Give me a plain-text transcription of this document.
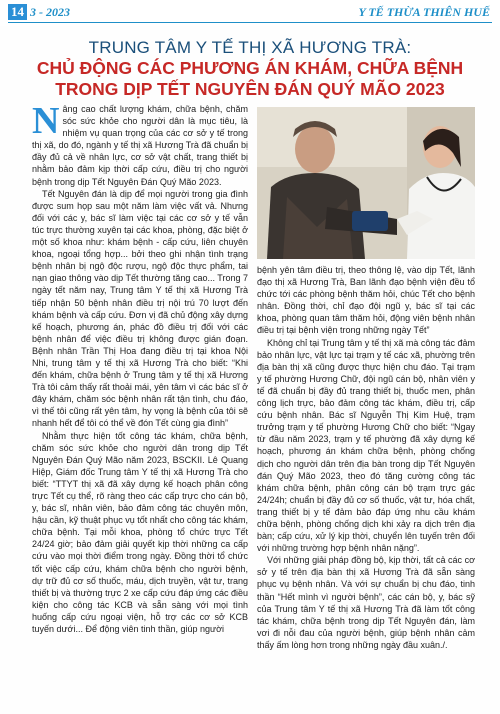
14 3 - 2023	Y TẾ THỪA THIÊN HUẾ
TRUNG TÂM Y TẾ THỊ XÃ HƯƠNG TRÀ:
CHỦ ĐỘNG CÁC PHƯƠNG ÁN KHÁM, CHỮA BỆNH TRONG DỊP TẾT NGUYÊN ĐÁN QUÝ MÃO 2023

Nâng cao chất lượng khám, chữa bệnh, chăm sóc sức khỏe cho người dân là mục tiêu, là nhiệm vụ quan trọng của các cơ sở y tế trong thị xã, do đó, ngành y tế thị xã Hương Trà đã chuẩn bị đầy đủ cả về nhân lực, cơ sở vật chất, trang thiết bị nhằm bảo đảm kịp thời cấp cứu, điều trị cho người bệnh trong dịp Tết Nguyên Đán Quý Mão 2023.

Tết Nguyên đán là dịp để mọi người trong gia đình được sum họp sau một năm làm việc vất vả. Nhưng đối với các y, bác sĩ làm việc tại các cơ sở y tế vẫn túc trực thường xuyên tại các khoa, phòng, đặc biệt ở một số khoa như: khám bệnh - cấp cứu, liên chuyên khoa, ngoại tổng hợp... bởi theo ghi nhận tình trạng bệnh nhân bị ngộ độc rượu, ngộ độc thực phẩm, tai nạn giao thông vào dịp Tết thường tăng cao... Trong 7 ngày tết năm nay, Trung tâm Y tế thị xã Hương Trà tiếp nhận 50 bệnh nhân điều trị nội trú 70 lượt đến khám bệnh và cấp cứu. Đơn vị đã chủ động xây dựng kế hoạch, phương án, phác đồ điều trị đối với các bệnh nhân để việc điều trị không được gián đoạn. Bệnh nhân Trần Thị Hoa đang điều trị tại khoa Nội Nhi, trung tâm y tế thị xã Hương Trà cho biết: “Khi đến khám, chữa bệnh ở Trung tâm y tế thị xã Hương Trà tôi cảm thấy rất thoải mái, yên tâm vì các bác sĩ ở đây khám, chăm sóc bệnh nhân rất tận tình, chu đáo, vì thế tôi cũng rất yên tâm, hy vọng là bệnh của tôi sẽ nhanh hết để tôi có thể về đón Tết cùng gia đình”

Nhằm thực hiện tốt công tác khám, chữa bệnh, chăm sóc sức khỏe cho người dân trong dịp Tết Nguyên Đán Quý Mão năm 2023, BSCKII. Lê Quang Hiệp, Giám đốc Trung tâm Y tế thị xã Hương Trà cho biết: “TTYT thị xã đã xây dựng kế hoạch phân công trực Tết cụ thể, rõ ràng theo các cấp trực cho cán bộ, y, bác sĩ, nhân viên, bảo đảm công tác chuyên môn, hậu cần, kỹ thuật phục vụ tốt nhất cho công tác khám, chữa bệnh. Tại mỗi khoa, phòng tổ chức trực Tết 24/24 giờ; bảo đảm giải quyết kịp thời những ca cấp cứu vào mọi thời điểm trong ngày. Đồng thời tổ chức tốt việc cấp cứu, khám chữa bệnh cho người bệnh, dự trữ đủ cơ số thuốc, máu, dịch truyền, vật tư, trang thiết bị và thường trực 2 xe cấp cứu đáp ứng các điều kiện cho công tác KCB và sẵn sàng với mọi tình huống cấp cứu ngoại viện, hỗ trợ các cơ sở KCB tuyến dưới... Để động viên tinh thần, giúp người

bệnh yên tâm điều trị, theo thông lệ, vào dịp Tết, lãnh đạo thị xã Hương Trà, Ban lãnh đạo bệnh viện đều tổ chức tới các phòng bệnh thăm hỏi, chúc Tết cho bệnh nhân. Đồng thời, chỉ đạo đội ngũ y, bác sĩ tại các khoa, phòng quan tâm thăm hỏi, động viên bệnh nhân điều trị tại bệnh viện trong những ngày Tết”

Không chỉ tại Trung tâm y tế thị xã mà công tác đảm bảo nhân lực, vật lực tại trạm y tế các xã, phường trên địa bàn thị xã cũng được thực hiện chu đáo. Tại trạm y tế phường Hương Chữ, đội ngũ cán bộ, nhân viên y tế đã chuẩn bị đầy đủ trang thiết bị, thuốc men, phân công lịch trực, bảo đảm công tác khám, điều trị, cấp cứu bệnh nhân. Bác sĩ Nguyễn Thị Kim Huệ, trạm trưởng trạm y tế phường Hương Chữ cho biết: “Ngay từ đầu năm 2023, trạm y tế phường đã xây dựng kế hoạch, phương án khám chữa bệnh, phòng chống dịch cho người dân trên địa bàn trong dịp Tết Nguyên đán Quý Mão 2023, theo đó tăng cường công tác khám chữa bệnh, phân công cán bộ trạm trực gác 24/24h; chuẩn bị đầy đủ cơ số thuốc, vật tư, hóa chất, trang thiết bị y tế đảm bảo đáp ứng nhu cầu khám chữa bệnh, phòng chống dịch khi xảy ra dịch trên địa bàn; cấp cứu, xử lý kịp thời, chuyển lên tuyến trên đối với những trường hợp bệnh nhân nặng”.

Với những giải pháp đồng bộ, kịp thời, tất cả các cơ sở y tế trên địa bàn thị xã Hương Trà đã sẵn sàng phục vụ bệnh nhân. Và với sự chuẩn bị chu đáo, tinh thần “Hết mình vì người bệnh”, các cán bộ, y, bác sỹ của Trung tâm Y tế thị xã Hương Trà đã làm tốt công tác khám, chữa bệnh trong dịp Tết Nguyên đán, làm vơi đi nỗi đau của người bệnh, giúp bệnh nhân cảm thấy ấm lòng hơn trong những ngày đầu xuân./.
